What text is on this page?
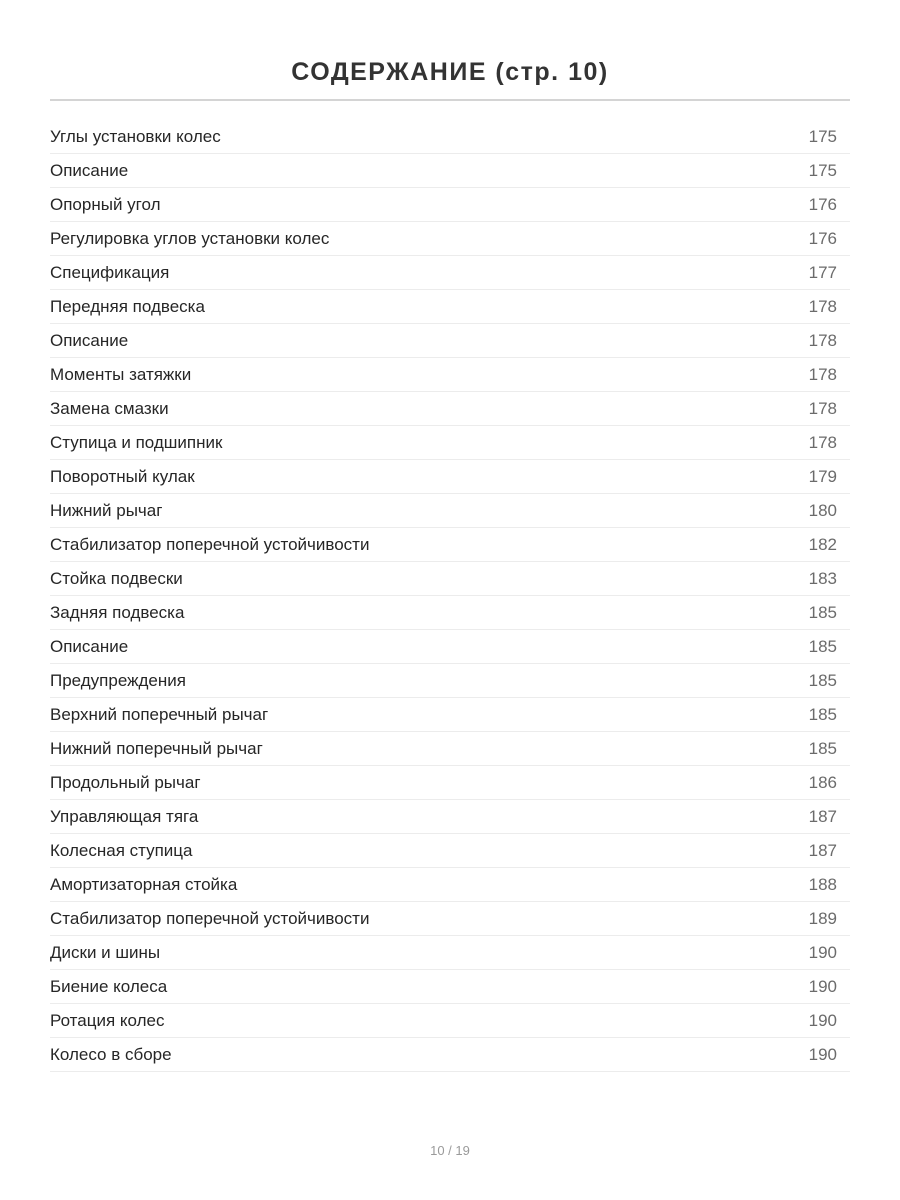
СОДЕРЖАНИЕ (стр. 10)
Углы установки колес	175
Описание	175
Опорный угол	176
Регулировка углов установки колес	176
Спецификация	177
Передняя подвеска	178
Описание	178
Моменты затяжки	178
Замена смазки	178
Ступица и подшипник	178
Поворотный кулак	179
Нижний рычаг	180
Стабилизатор поперечной устойчивости	182
Стойка подвески	183
Задняя подвеска	185
Описание	185
Предупреждения	185
Верхний поперечный рычаг	185
Нижний поперечный рычаг	185
Продольный рычаг	186
Управляющая тяга	187
Колесная ступица	187
Амортизаторная стойка	188
Стабилизатор поперечной устойчивости	189
Диски и шины	190
Биение колеса	190
Ротация колес	190
Колесо в сборе	190
10 / 19
